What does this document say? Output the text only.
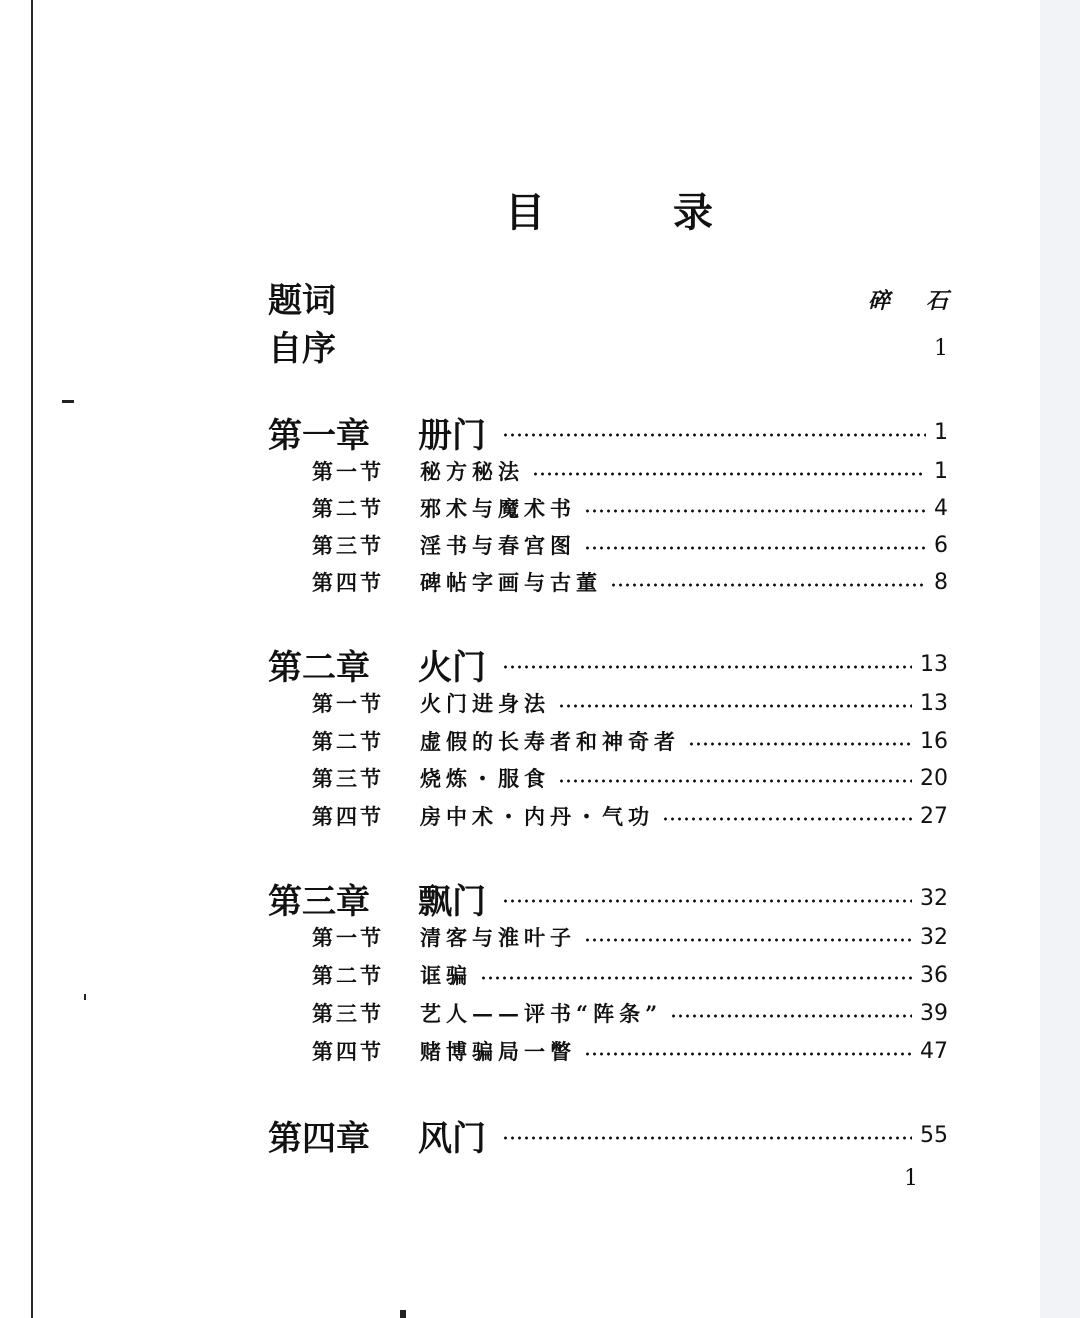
目　录
题词	碎石
自序	1
第一章	册门	1
第一节	秘方秘法	1
第二节	邪术与魔术书	4
第三节	淫书与春宫图	6
第四节	碑帖字画与古董	8
第二章	火门	13
第一节	火门进身法	13
第二节	虚假的长寿者和神奇者	16
第三节	烧炼・服食	20
第四节	房中术・内丹・气功	27
第三章	飘门	32
第一节	清客与淮叶子	32
第二节	诓骗	36
第三节	艺人——评书“阵条”	39
第四节	赌博骗局一瞥	47
第四章	风门	55
1
